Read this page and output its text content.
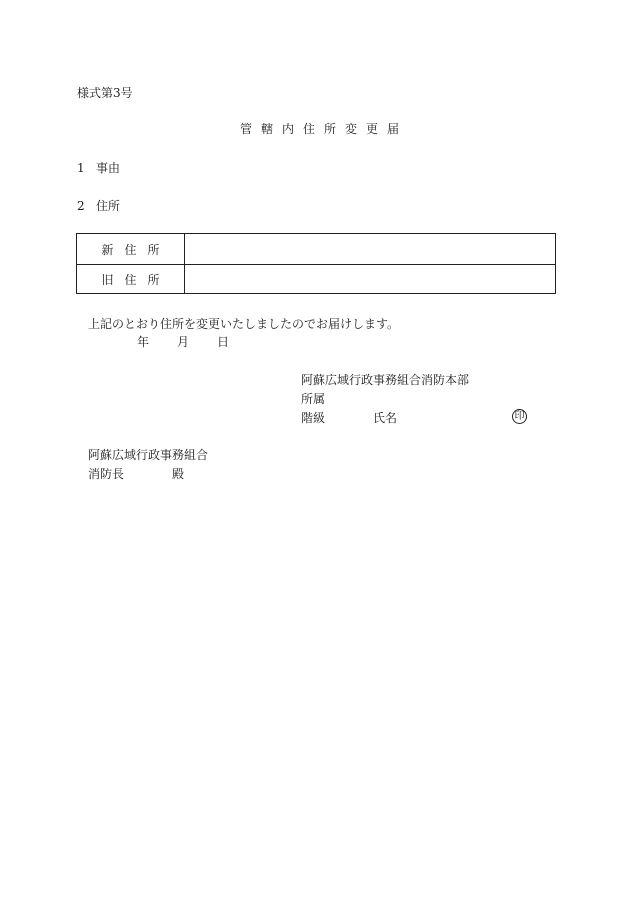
様式第3号
管轄内住所変更届
1 事由
2 住所
新住所
旧住所
上記のとおり住所を変更いたしましたのでお届けします。
年 月 日
阿蘇広域行政事務組合消防本部
所属
階級	氏名	印
阿蘇広域行政事務組合
消防長	殿
